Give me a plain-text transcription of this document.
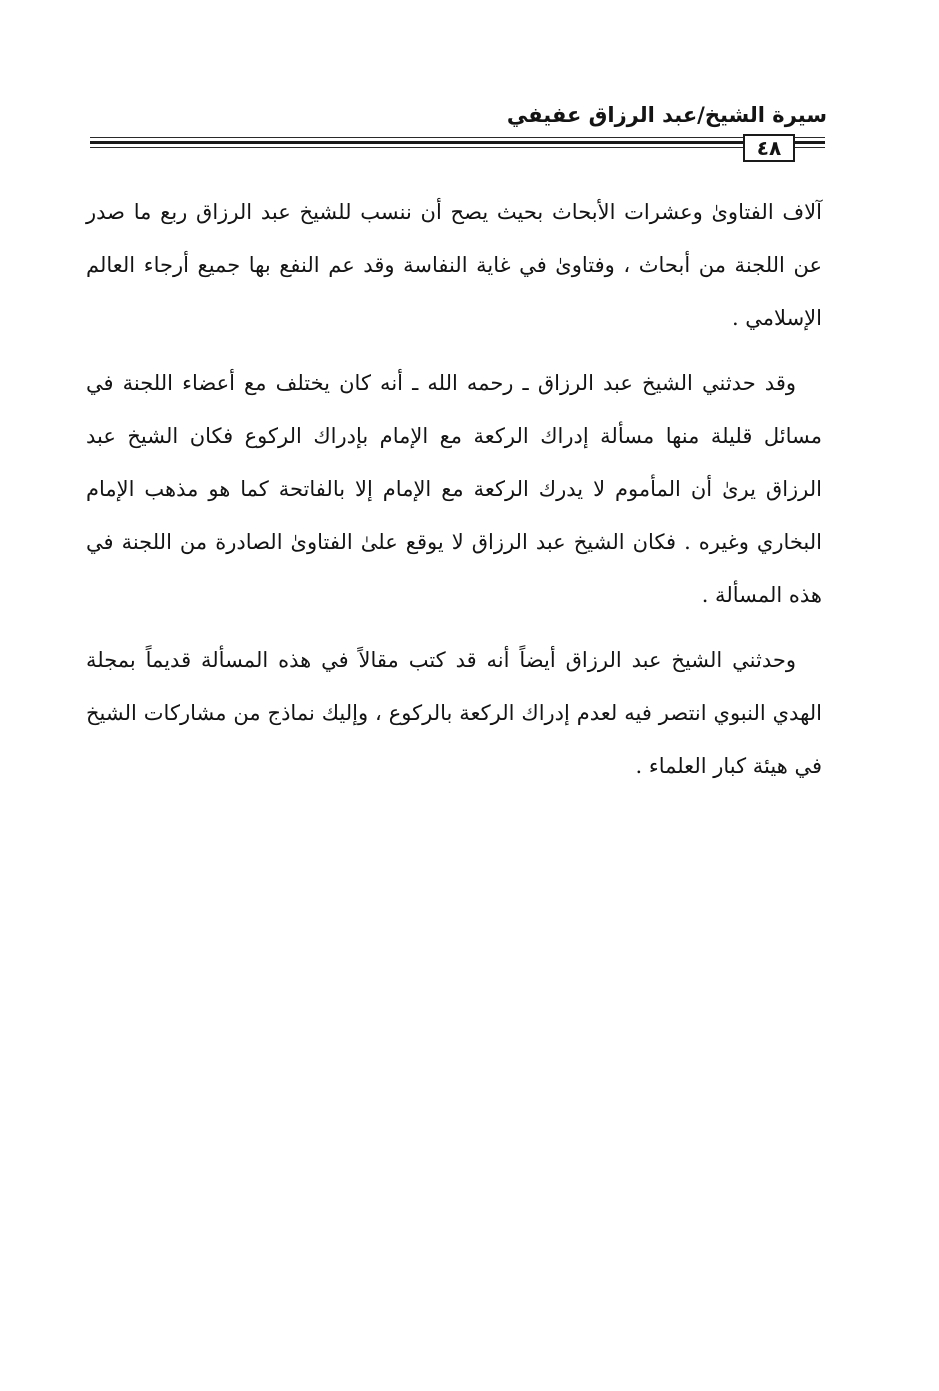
سيرة الشيخ/عبد الرزاق عفيفي
٤٨

آلاف الفتاوىٰ وعشرات الأبحاث بحيث يصح أن ننسب للشيخ عبد الرزاق ربع ما صدر عن اللجنة من أبحاث ، وفتاوىٰ في غاية النفاسة وقد عم النفع بها جميع أرجاء العالم الإسلامي .

وقد حدثني الشيخ عبد الرزاق ـ رحمه الله ـ أنه كان يختلف مع أعضاء اللجنة في مسائل قليلة منها مسألة إدراك الركعة مع الإمام بإدراك الركوع فكان الشيخ عبد الرزاق يرىٰ أن المأموم لا يدرك الركعة مع الإمام إلا بالفاتحة كما هو مذهب الإمام البخاري وغيره . فكان الشيخ عبد الرزاق لا يوقع علىٰ الفتاوىٰ الصادرة من اللجنة في هذه المسألة .

وحدثني الشيخ عبد الرزاق أيضاً أنه قد كتب مقالاً في هذه المسألة قديماً بمجلة الهدي النبوي انتصر فيه لعدم إدراك الركعة بالركوع ، وإليك نماذج من مشاركات الشيخ في هيئة كبار العلماء .
